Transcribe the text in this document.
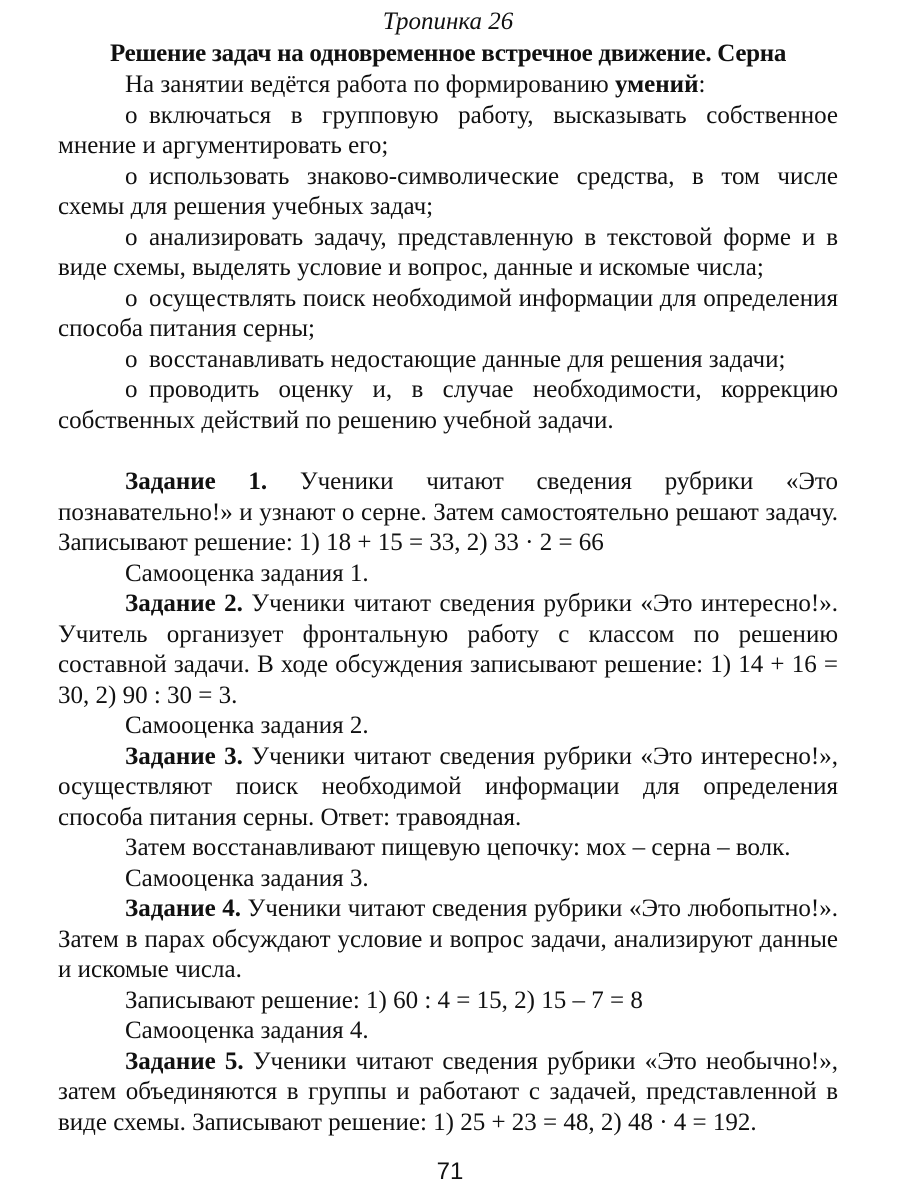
Тропинка 26
Решение задач на одновременное встречное движение. Серна

На занятии ведётся работа по формированию умений:

o включаться в групповую работу, высказывать собственное мнение и аргументировать его;

o использовать знаково-символические средства, в том числе схемы для решения учебных задач;

o анализировать задачу, представленную в текстовой форме и в виде схемы, выделять условие и вопрос, данные и искомые числа;

o осуществлять поиск необходимой информации для определения способа питания серны;

o восстанавливать недостающие данные для решения задачи;

o проводить оценку и, в случае необходимости, коррекцию собственных действий по решению учебной задачи.

Задание 1. Ученики читают сведения рубрики «Это познавательно!» и узнают о серне. Затем самостоятельно решают задачу. Записывают решение: 1) 18 + 15 = 33, 2) 33 · 2 = 66

Самооценка задания 1.

Задание 2. Ученики читают сведения рубрики «Это интересно!». Учитель организует фронтальную работу с классом по решению составной задачи. В ходе обсуждения записывают решение: 1) 14 + 16 = 30, 2) 90 : 30 = 3.

Самооценка задания 2.

Задание 3. Ученики читают сведения рубрики «Это интересно!», осуществляют поиск необходимой информации для определения способа питания серны. Ответ: травоядная.

Затем восстанавливают пищевую цепочку: мох – серна – волк.

Самооценка задания 3.

Задание 4. Ученики читают сведения рубрики «Это любопытно!». Затем в парах обсуждают условие и вопрос задачи, анализируют данные и искомые числа.

Записывают решение: 1) 60 : 4 = 15, 2) 15 – 7 = 8

Самооценка задания 4.

Задание 5. Ученики читают сведения рубрики «Это необычно!», затем объединяются в группы и работают с задачей, представленной в виде схемы. Записывают решение: 1) 25 + 23 = 48, 2) 48 · 4 = 192.

71
